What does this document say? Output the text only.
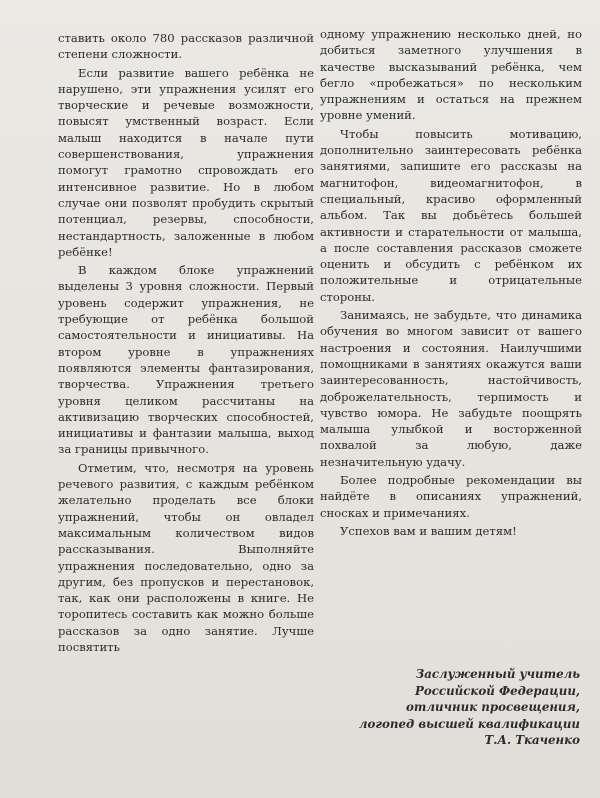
ставить около 780 рассказов различной степени сложности.

Если развитие вашего ребёнка не нарушено, эти упражнения усилят его творческие и речевые возможности, повысят умственный возраст. Если малыш находится в начале пути совершенствования, упражнения помогут грамотно спровождать его интенсивное развитие. Но в любом случае они позволят пробудить скрытый потенциал, резервы, способности, нестандартность, заложенные в любом ребёнке!

В каждом блоке упражнений выделены 3 уровня сложности. Первый уровень содержит упражнения, не требующие от ребёнка большой самостоятельности и инициативы. На втором уровне в упражнениях появляются элементы фантазирования, творчества. Упражнения третьего уровня целиком рассчитаны на активизацию творческих способностей, инициативы и фантазии малыша, выход за границы привычного.

Отметим, что, несмотря на уровень речевого развития, с каждым ребёнком желательно проделать все блоки упражнений, чтобы он овладел максимальным количеством видов рассказывания. Выполняйте упражнения последовательно, одно за другим, без пропусков и перестановок, так, как они расположены в книге. Не торопитесь составить как можно больше рассказов за одно занятие. Лучше посвятить

одному упражнению несколько дней, но добиться заметного улучшения в качестве высказываний ребёнка, чем бегло «пробежаться» по нескольким упражнениям и остаться на прежнем уровне умений.

Чтобы повысить мотивацию, дополнительно заинтересовать ребёнка занятиями, запишите его рассказы на магнитофон, видеомагнитофон, в специальный, красиво оформленный альбом. Так вы добьётесь большей активности и старательности от малыша, а после составления рассказов сможете оценить и обсудить с ребёнком их положительные и отрицательные стороны.

Занимаясь, не забудьте, что динамика обучения во многом зависит от вашего настроения и состояния. Наилучшими помощниками в занятиях окажутся ваши заинтересованность, настойчивость, доброжелательность, терпимость и чувство юмора. Не забудьте поощрять малыша улыбкой и восторженной похвалой за любую, даже незначительную удачу.

Более подробные рекомендации вы найдёте в описаниях упражнений, сносках и примечаниях.

Успехов вам и вашим детям!

Заслуженный учитель
Российской Федерации,
отличник просвещения,
логопед высшей квалификации
Т.А. Ткаченко
